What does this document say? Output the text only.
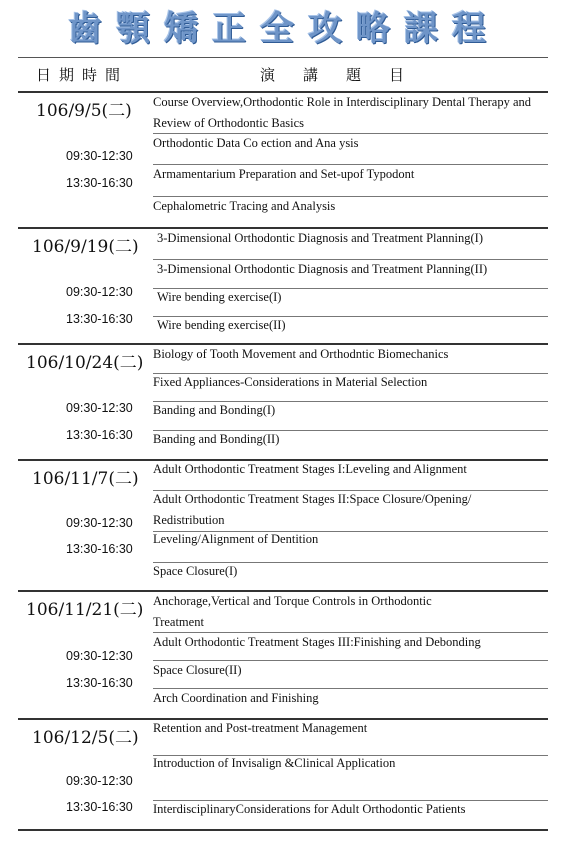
齒顎矯正全攻略課程
日期時間	演講題目
106/9/5(二)
09:30-12:30
13:30-16:30
Course Overview,Orthodontic Role in Interdisciplinary Dental Therapy and Review of Orthodontic Basics
Orthodontic Data Co ection and Ana ysis
Armamentarium Preparation and Set-upof Typodont
Cephalometric Tracing and Analysis
106/9/19(二)
09:30-12:30
13:30-16:30
3-Dimensional Orthodontic Diagnosis and Treatment Planning(I)
3-Dimensional Orthodontic Diagnosis and Treatment Planning(II)
Wire bending exercise(I)
Wire bending exercise(II)
106/10/24(二)
09:30-12:30
13:30-16:30
Biology of Tooth Movement and Orthodntic Biomechanics
Fixed Appliances-Considerations in Material Selection
Banding and Bonding(I)
Banding and Bonding(II)
106/11/7(二)
09:30-12:30
13:30-16:30
Adult Orthodontic Treatment Stages I:Leveling and Alignment
Adult Orthodontic Treatment Stages II:Space Closure/Opening/ Redistribution
Leveling/Alignment of Dentition
Space Closure(I)
106/11/21(二)
09:30-12:30
13:30-16:30
Anchorage,Vertical and Torque Controls in Orthodontic Treatment
Adult Orthodontic Treatment Stages III:Finishing and Debonding
Space Closure(II)
Arch Coordination and Finishing
106/12/5(二)
09:30-12:30
13:30-16:30
Retention and Post-treatment Management
Introduction of Invisalign &Clinical Application
InterdisciplinaryConsiderations for Adult Orthodontic Patients
